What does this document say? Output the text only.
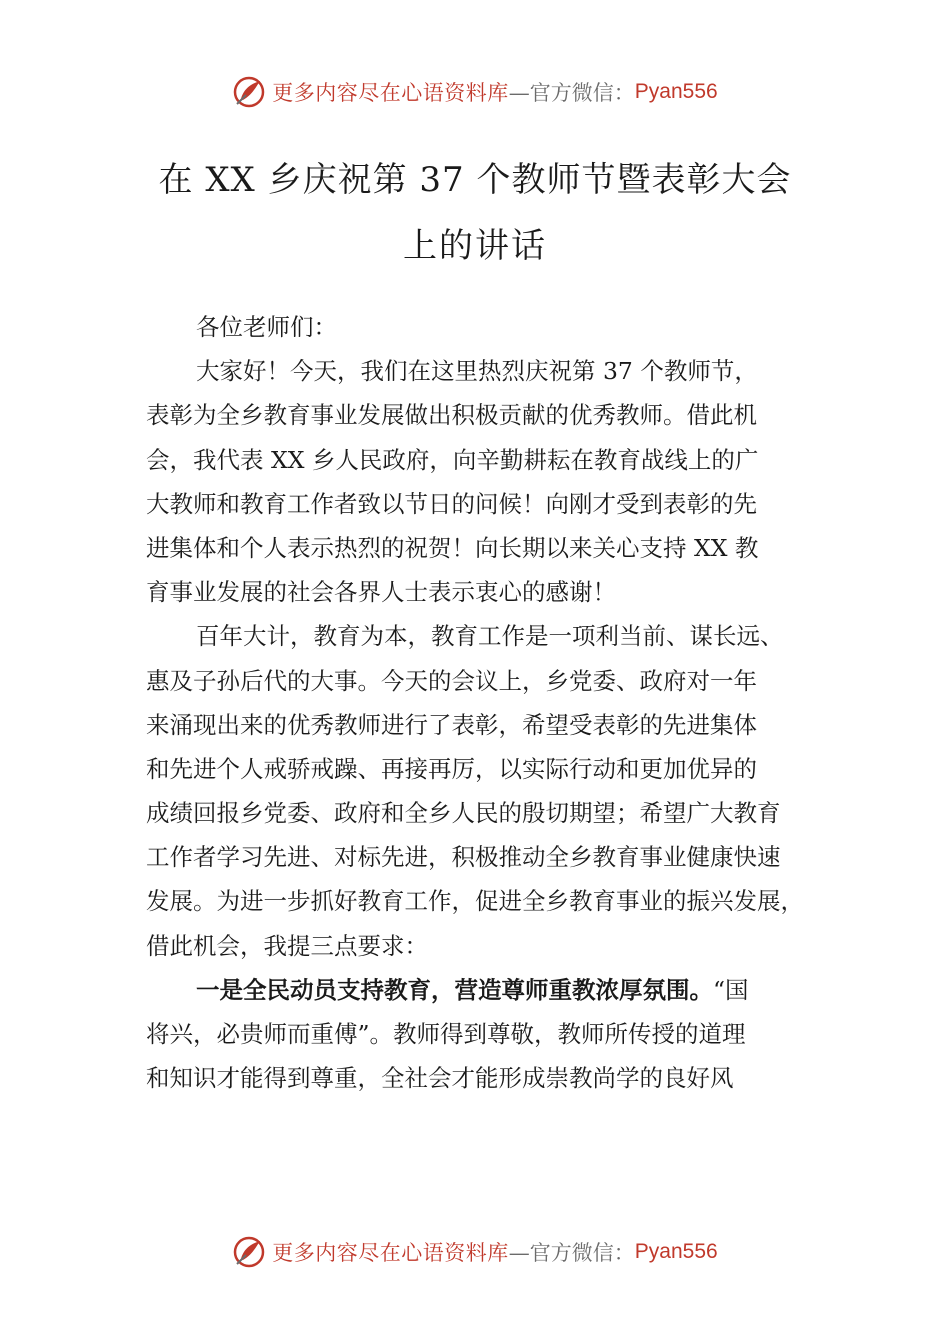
更多内容尽在心语资料库 —官方微信： Pyan556
在 XX 乡庆祝第 37 个教师节暨表彰大会
上的讲话
各位老师们：
大家好！今天，我们在这里热烈庆祝第 37 个教师节，
表彰为全乡教育事业发展做出积极贡献的优秀教师。借此机
会，我代表 XX 乡人民政府，向辛勤耕耘在教育战线上的广
大教师和教育工作者致以节日的问候！向刚才受到表彰的先
进集体和个人表示热烈的祝贺！向长期以来关心支持 XX 教
育事业发展的社会各界人士表示衷心的感谢！
百年大计，教育为本，教育工作是一项利当前、谋长远、
惠及子孙后代的大事。今天的会议上，乡党委、政府对一年
来涌现出来的优秀教师进行了表彰，希望受表彰的先进集体
和先进个人戒骄戒躁、再接再厉，以实际行动和更加优异的
成绩回报乡党委、政府和全乡人民的殷切期望；希望广大教育
工作者学习先进、对标先进，积极推动全乡教育事业健康快速
发展。为进一步抓好教育工作，促进全乡教育事业的振兴发展，
借此机会，我提三点要求：
一是全民动员支持教育，营造尊师重教浓厚氛围。“国
将兴，必贵师而重傅”。教师得到尊敬，教师所传授的道理
和知识才能得到尊重，全社会才能形成崇教尚学的良好风
更多内容尽在心语资料库 —官方微信： Pyan556
